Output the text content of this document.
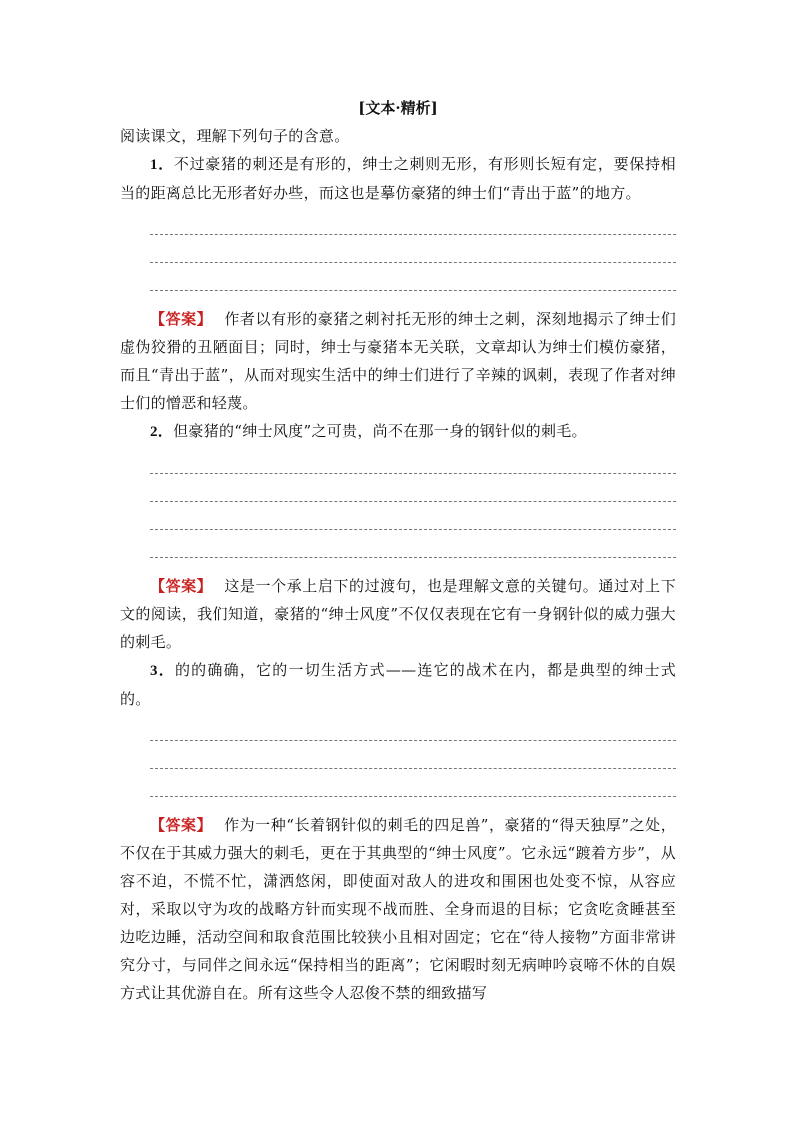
[文本·精析]

阅读课文，理解下列句子的含意。

1．不过豪猪的刺还是有形的，绅士之刺则无形，有形则长短有定，要保持相当的距离总比无形者好办些，而这也是摹仿豪猪的绅士们“青出于蓝”的地方。

【答案】 作者以有形的豪猪之刺衬托无形的绅士之刺，深刻地揭示了绅士们虚伪狡猾的丑陋面目；同时，绅士与豪猪本无关联，文章却认为绅士们模仿豪猪，而且“青出于蓝”，从而对现实生活中的绅士们进行了辛辣的讽刺，表现了作者对绅士们的憎恶和轻蔑。

2．但豪猪的“绅士风度”之可贵，尚不在那一身的钢针似的刺毛。

【答案】 这是一个承上启下的过渡句，也是理解文意的关键句。通过对上下文的阅读，我们知道，豪猪的“绅士风度”不仅仅表现在它有一身钢针似的威力强大的刺毛。

3．的的确确，它的一切生活方式——连它的战术在内，都是典型的绅士式的。

【答案】 作为一种“长着钢针似的刺毛的四足兽”，豪猪的“得天独厚”之处，不仅在于其威力强大的刺毛，更在于其典型的“绅士风度”。它永远“踱着方步”，从容不迫，不慌不忙，潇洒悠闲，即使面对敌人的进攻和围困也处变不惊，从容应对，采取以守为攻的战略方针而实现不战而胜、全身而退的目标；它贪吃贪睡甚至边吃边睡，活动空间和取食范围比较狭小且相对固定；它在“待人接物”方面非常讲究分寸，与同伴之间永远“保持相当的距离”；它闲暇时刻无病呻吟哀啼不休的自娱方式让其优游自在。所有这些令人忍俊不禁的细致描写
